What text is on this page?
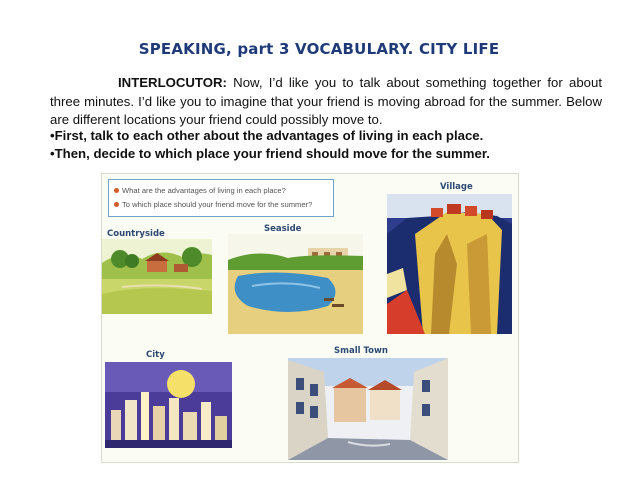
SPEAKING, part 3 VOCABULARY. CITY LIFE
INTERLOCUTOR: Now, I’d like you to talk about something together for about three minutes. I’d like you to imagine that your friend is moving abroad for the summer. Below are different locations your friend could possibly move to.
•First, talk to each other about the advantages of living in each place.
•Then, decide to which place your friend should move for the summer.
What are the advantages of living in each place?
To which place should your friend move for the summer?
Countryside	Seaside
Village
City	Small Town
